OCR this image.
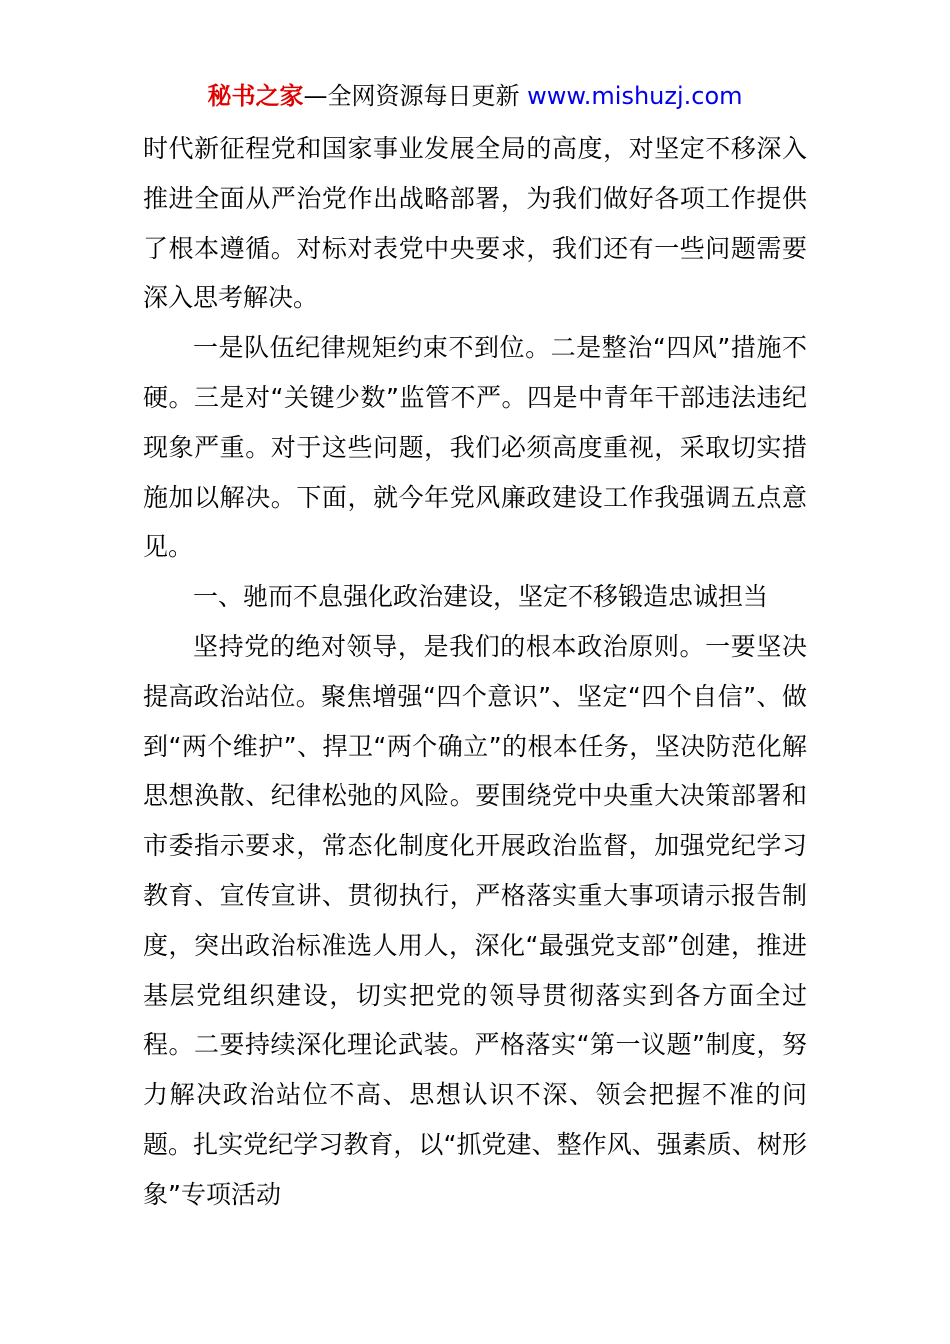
秘书之家—全网资源每日更新 www.mishuzj.com

时代新征程党和国家事业发展全局的高度，对坚定不移深入推进全面从严治党作出战略部署，为我们做好各项工作提供了根本遵循。对标对表党中央要求，我们还有一些问题需要深入思考解决。

一是队伍纪律规矩约束不到位。二是整治“四风”措施不硬。三是对“关键少数”监管不严。四是中青年干部违法违纪现象严重。对于这些问题，我们必须高度重视，采取切实措施加以解决。下面，就今年党风廉政建设工作我强调五点意见。

一、驰而不息强化政治建设，坚定不移锻造忠诚担当

坚持党的绝对领导，是我们的根本政治原则。一要坚决提高政治站位。聚焦增强“四个意识”、坚定“四个自信”、做到“两个维护”、捍卫“两个确立”的根本任务，坚决防范化解思想涣散、纪律松弛的风险。要围绕党中央重大决策部署和市委指示要求，常态化制度化开展政治监督，加强党纪学习教育、宣传宣讲、贯彻执行，严格落实重大事项请示报告制度，突出政治标准选人用人，深化“最强党支部”创建，推进基层党组织建设，切实把党的领导贯彻落实到各方面全过程。二要持续深化理论武装。严格落实“第一议题”制度，努力解决政治站位不高、思想认识不深、领会把握不准的问题。扎实党纪学习教育，以“抓党建、整作风、强素质、树形象”专项活动
